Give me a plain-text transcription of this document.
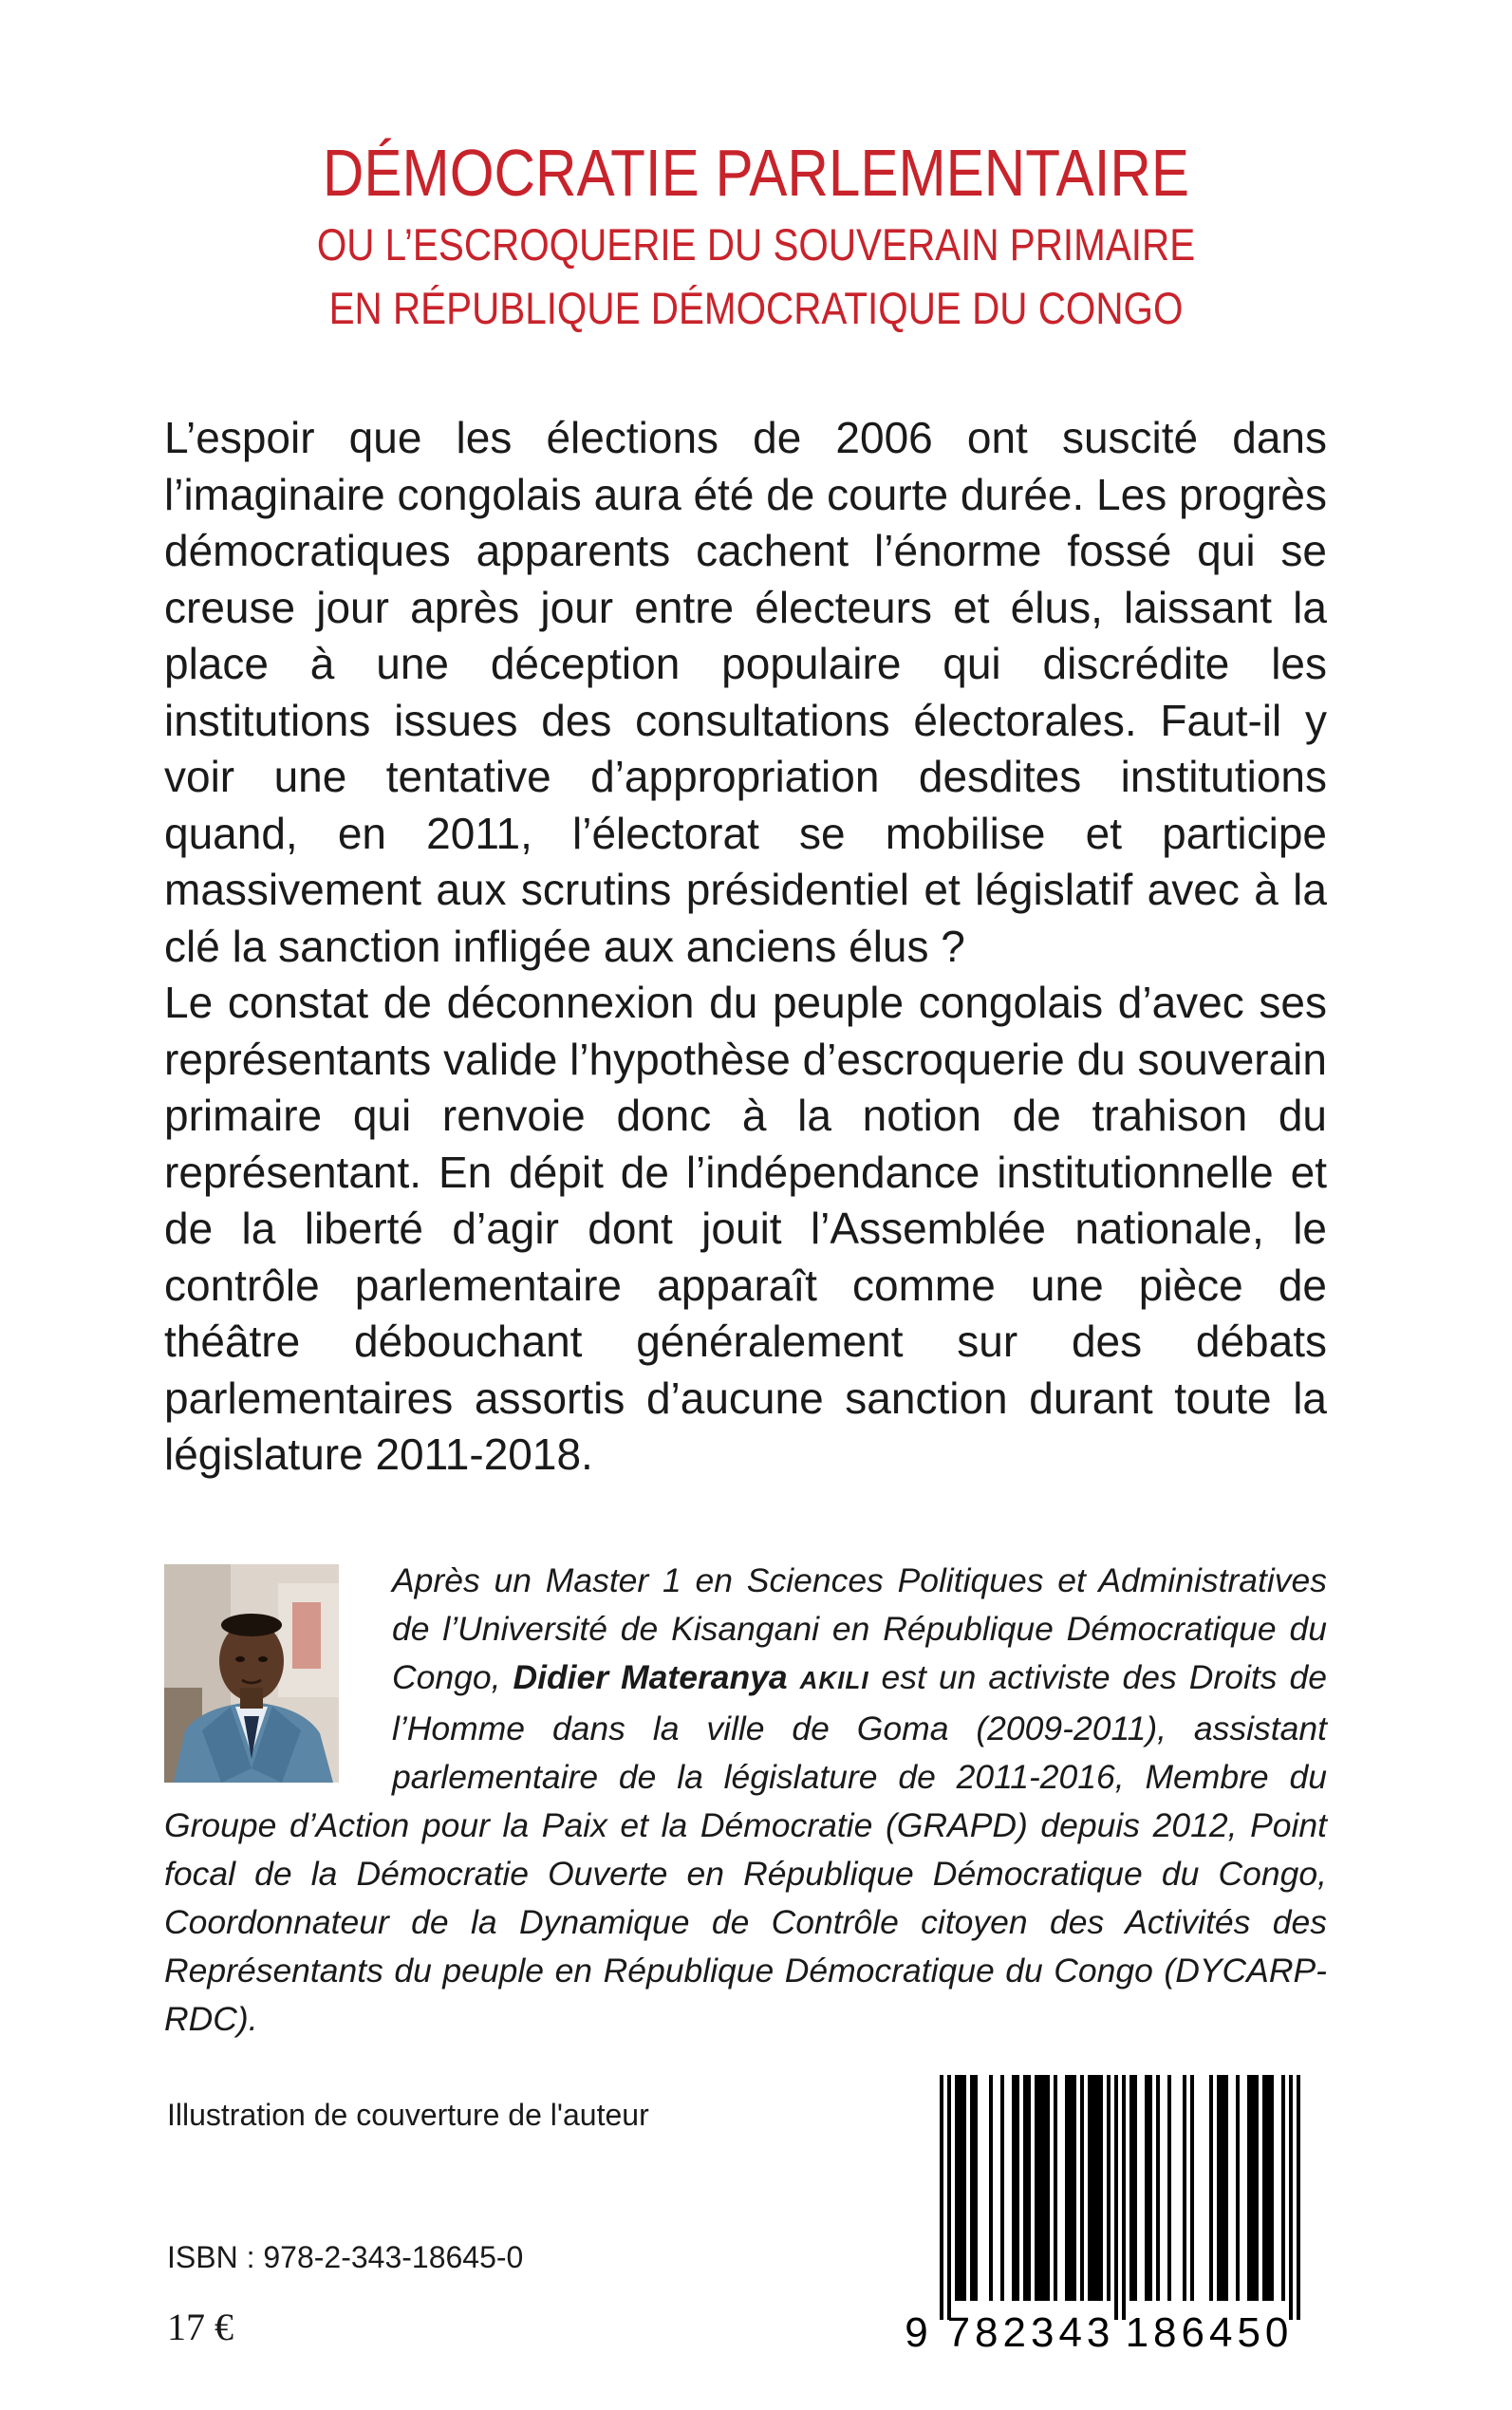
DÉMOCRATIE PARLEMENTAIRE
OU L’ESCROQUERIE DU SOUVERAIN PRIMAIRE
EN RÉPUBLIQUE DÉMOCRATIQUE DU CONGO

L’espoir que les élections de 2006 ont suscité dans l’imaginaire congolais aura été de courte durée. Les progrès démocratiques apparents cachent l’énorme fossé qui se creuse jour après jour entre électeurs et élus, laissant la place à une déception populaire qui discrédite les institutions issues des consultations électorales. Faut-il y voir une tentative d’appropriation desdites institutions quand, en 2011, l’électorat se mobilise et participe massivement aux scrutins présidentiel et législatif avec à la clé la sanction infligée aux anciens élus ?

Le constat de déconnexion du peuple congolais d’avec ses représentants valide l’hypothèse d’escroquerie du souverain primaire qui renvoie donc à la notion de trahison du représentant. En dépit de l’indépendance institutionnelle et de la liberté d’agir dont jouit l’Assemblée nationale, le contrôle parlementaire apparaît comme une pièce de théâtre débouchant généralement sur des débats parlementaires assortis d’aucune sanction durant toute la législature 2011-2018.

Après un Master 1 en Sciences Politiques et Administratives de l’Université de Kisangani en République Démocratique du Congo, Didier Materanya AKILI est un activiste des Droits de l’Homme dans la ville de Goma (2009-2011), assistant parlementaire de la législature de 2011-2016, Membre du Groupe d’Action pour la Paix et la Démocratie (GRAPD) depuis 2012, Point focal de la Démocratie Ouverte en République Démocratique du Congo, Coordonnateur de la Dynamique de Contrôle citoyen des Activités des Représentants du peuple en République Démocratique du Congo (DYCARP- RDC).
Illustration de couverture de l'auteur
ISBN : 978-2-343-18645-0
17 €	9 782343 186450
